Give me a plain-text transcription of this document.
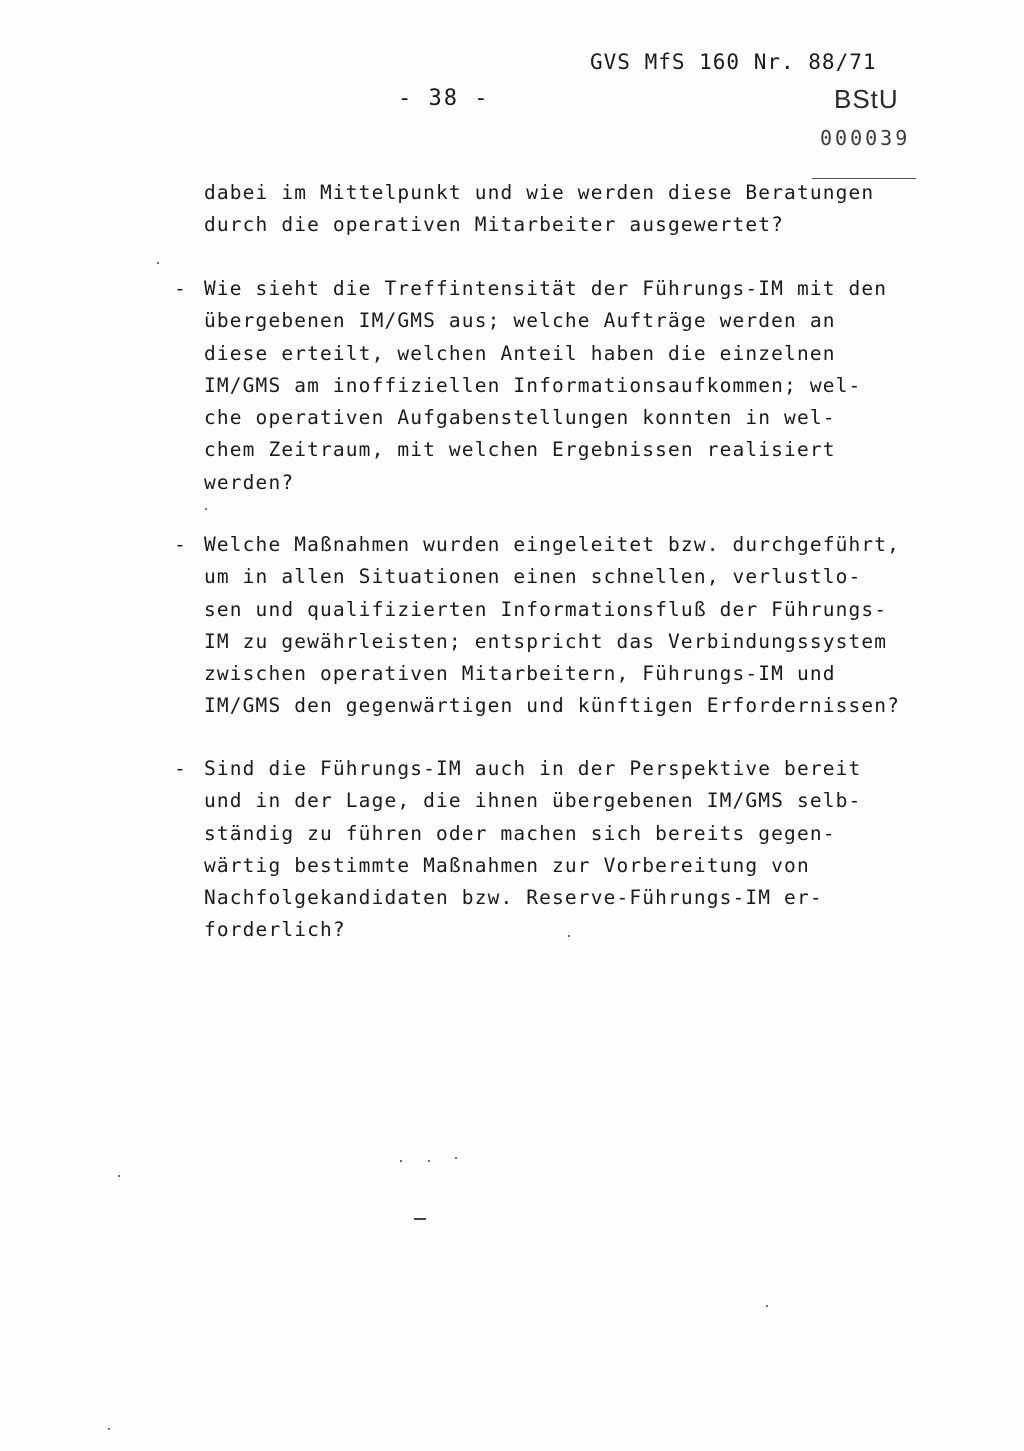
GVS MfS 160 Nr. 88/71
- 38 -	BStU
000039
dabei im Mittelpunkt und wie werden diese Beratungen
durch die operativen Mitarbeiter ausgewertet?
- Wie sieht die Treffintensität der Führungs-IM mit den
übergebenen IM/GMS aus; welche Aufträge werden an
diese erteilt, welchen Anteil haben die einzelnen
IM/GMS am inoffiziellen Informationsaufkommen; wel-
che operativen Aufgabenstellungen konnten in wel-
chem Zeitraum, mit welchen Ergebnissen realisiert
werden?
- Welche Maßnahmen wurden eingeleitet bzw. durchgeführt,
um in allen Situationen einen schnellen, verlustlo-
sen und qualifizierten Informationsfluß der Führungs-
IM zu gewährleisten; entspricht das Verbindungssystem
zwischen operativen Mitarbeitern, Führungs-IM und
IM/GMS den gegenwärtigen und künftigen Erfordernissen?
- Sind die Führungs-IM auch in der Perspektive bereit
und in der Lage, die ihnen übergebenen IM/GMS selb-
ständig zu führen oder machen sich bereits gegen-
wärtig bestimmte Maßnahmen zur Vorbereitung von
Nachfolgekandidaten bzw. Reserve-Führungs-IM er-
forderlich?
